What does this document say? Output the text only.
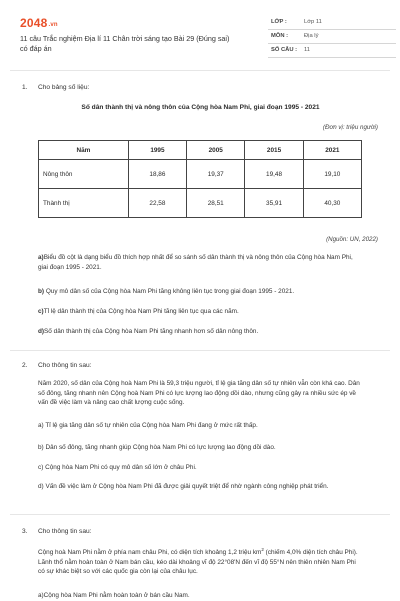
2048.vn
11 câu Trắc nghiệm Địa lí 11 Chân trời sáng tạo Bài 29 (Đúng sai) có đáp án
LỚP :	Lớp 11
MÔN :	Địa lý
SỐ CÂU : 11
1. Cho bảng số liệu:
Số dân thành thị và nông thôn của Cộng hòa Nam Phi, giai đoạn 1995 - 2021
(Đơn vị: triệu người)
Năm	1995	2005	2015	2021
Nông thôn	18,86	19,37	19,48	19,10
Thành thị	22,58	28,51	35,91	40,30
(Nguồn: UN, 2022)
a)Biểu đồ cột là dạng biểu đồ thích hợp nhất để so sánh số dân thành thị và nông thôn của Cộng hòa Nam Phi, giai đoạn 1995 - 2021.
b) Quy mô dân số của Cộng hòa Nam Phi tăng không liên tục trong giai đoạn 1995 - 2021.
c)Tỉ lệ dân thành thị của Cộng hòa Nam Phi tăng liên tục qua các năm.
d)Số dân thành thị của Cộng hòa Nam Phi tăng nhanh hơn số dân nông thôn.
2. Cho thông tin sau:
Năm 2020, số dân của Cộng hoà Nam Phi là 59,3 triệu người, tỉ lệ gia tăng dân số tự nhiên vẫn còn khá cao. Dân số đông, tăng nhanh nên Cộng hoà Nam Phi có lực lượng lao động dồi dào, nhưng cũng gây ra nhiều sức ép về vấn đề việc làm và nâng cao chất lượng cuộc sống.
a) Tỉ lệ gia tăng dân số tự nhiên của Cộng hòa Nam Phi đang ở mức rất thấp.
b) Dân số đông, tăng nhanh giúp Cộng hòa Nam Phi có lực lượng lao động dồi dào.
c) Cộng hòa Nam Phi có quy mô dân số lớn ở châu Phi.
d) Vấn đề việc làm ở Cộng hòa Nam Phi đã được giải quyết triệt để nhờ ngành công nghiệp phát triển.
3. Cho thông tin sau:
Cộng hoà Nam Phi nằm ở phía nam châu Phi, có diện tích khoảng 1,2 triệu $km^2$ (chiếm 4,0% diện tích châu Phi). Lãnh thổ nằm hoàn toàn ở Nam bán cầu, kéo dài khoảng vĩ độ 22°08'N đến vĩ độ 55°N nên thiên nhiên Nam Phi có sự khác biệt so với các quốc gia còn lại của châu lục.
a)Cộng hòa Nam Phi nằm hoàn toàn ở bán cầu Nam.
